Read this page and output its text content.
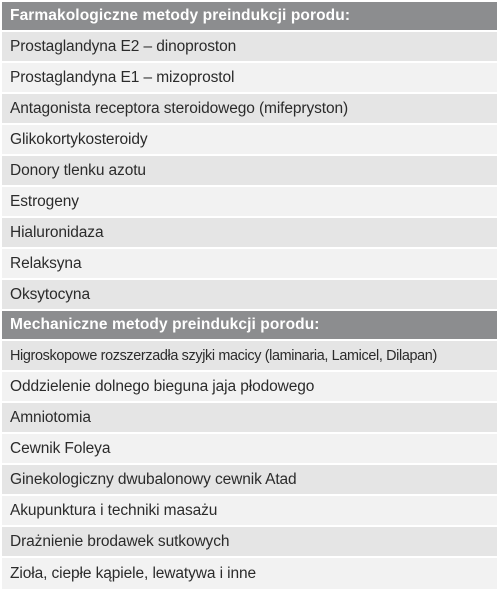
Farmakologiczne metody preindukcji porodu:
Prostaglandyna E2 – dinoproston
Prostaglandyna E1 – mizoprostol
Antagonista receptora steroidowego (mifepryston)
Glikokortykosteroidy
Donory tlenku azotu
Estrogeny
Hialuronidaza
Relaksyna
Oksytocyna
Mechaniczne metody preindukcji porodu:
Higroskopowe rozszerzadła szyjki macicy (laminaria, Lamicel, Dilapan)
Oddzielenie dolnego bieguna jaja płodowego
Amniotomia
Cewnik Foleya
Ginekologiczny dwubalonowy cewnik Atad
Akupunktura i techniki masażu
Drażnienie brodawek sutkowych
Zioła, ciepłe kąpiele, lewatywa i inne
